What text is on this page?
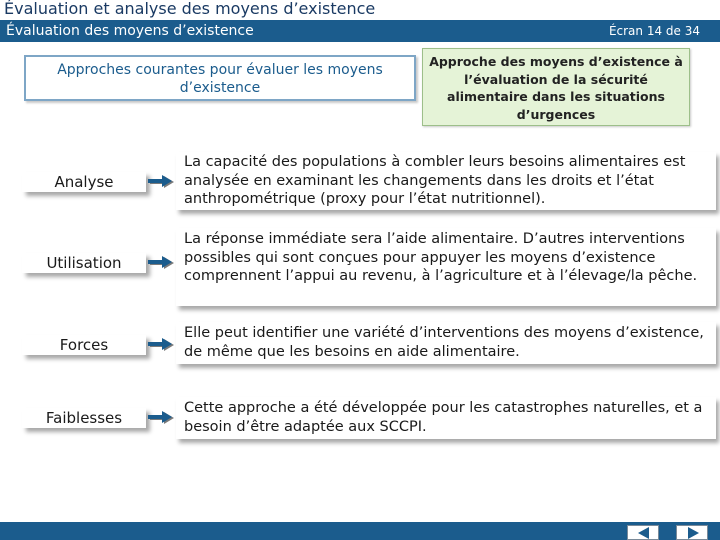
Évaluation et analyse des moyens d’existence
Évaluation des moyens d’existence	Écran 14 de 34
Approches courantes pour évaluer les moyens d’existence
Approche des moyens d’existence à l’évaluation de la sécurité alimentaire dans les situations d’urgences
Analyse
La capacité des populations à combler leurs besoins alimentaires est analysée en examinant les changements dans les droits et l’état anthropométrique (proxy pour l’état nutritionnel).
Utilisation
La réponse immédiate sera l’aide alimentaire. D’autres interventions possibles qui sont conçues pour appuyer les moyens d’existence comprennent l’appui au revenu, à l’agriculture et à l’élevage/la pêche.
Forces
Elle peut identifier une variété d’interventions des moyens d’existence, de même que les besoins en aide alimentaire.
Faiblesses
Cette approche a été développée pour les catastrophes naturelles, et a besoin d’être adaptée aux SCCPI.
